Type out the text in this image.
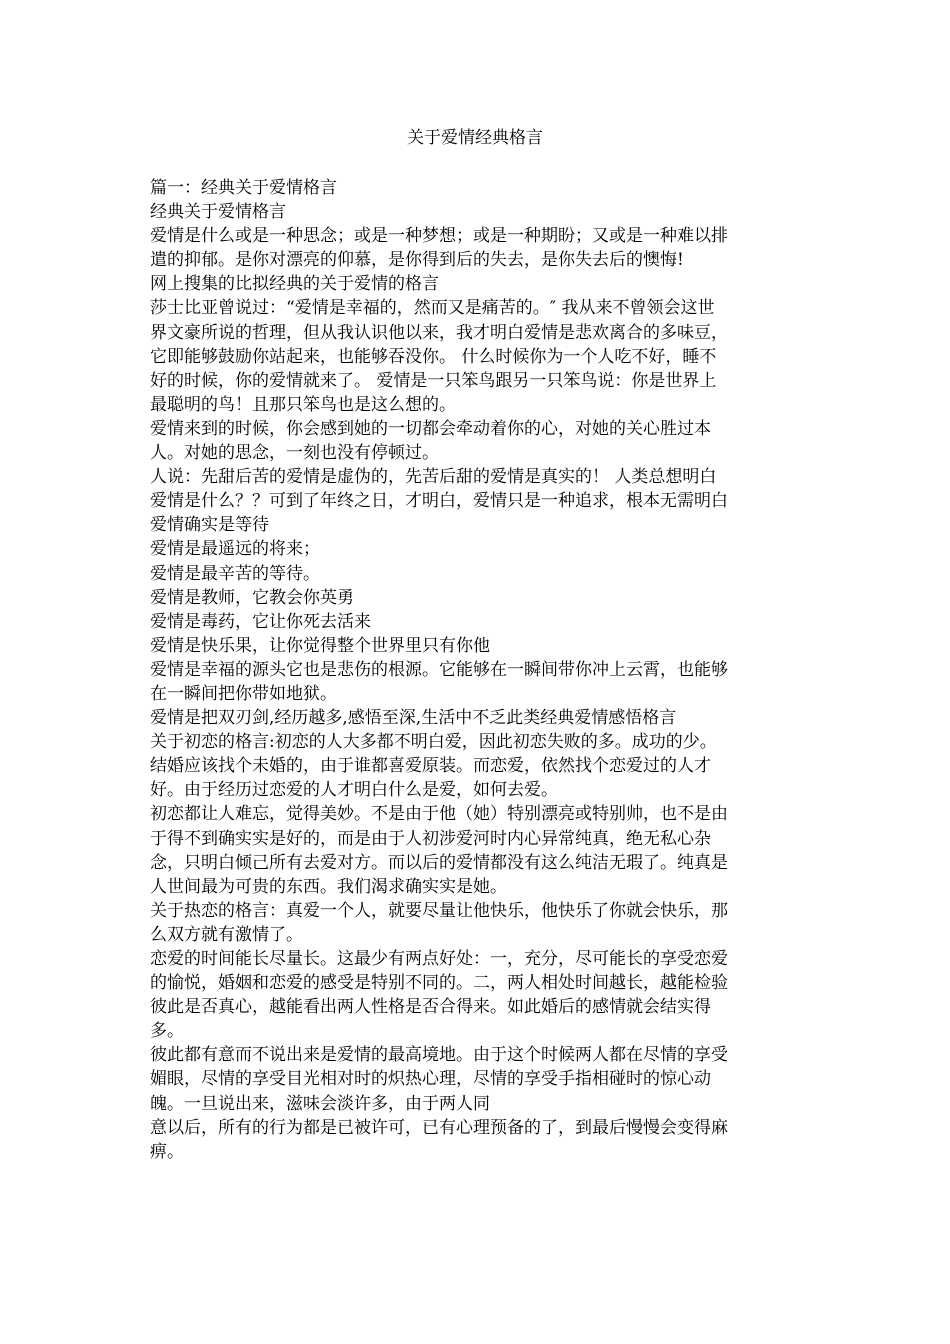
关于爱情经典格言
篇一：经典关于爱情格言
经典关于爱情格言
爱情是什么或是一种思念；或是一种梦想；或是一种期盼；又或是一种难以排
遣的抑郁。是你对漂亮的仰慕，是你得到后的失去，是你失去后的懊悔!
网上搜集的比拟经典的关于爱情的格言
莎士比亚曾说过：“爱情是幸福的，然而又是痛苦的。″ 我从来不曾领会这世
界文豪所说的哲理，但从我认识他以来，我才明白爱情是悲欢离合的多味豆，
它即能够鼓励你站起来，也能够吞没你。 什么时候你为一个人吃不好，睡不
好的时候，你的爱情就来了。 爱情是一只笨鸟跟另一只笨鸟说：你是世界上
最聪明的鸟！且那只笨鸟也是这么想的。
爱情来到的时候，你会感到她的一切都会牵动着你的心，对她的关心胜过本
人。对她的思念，一刻也没有停顿过。
人说：先甜后苦的爱情是虚伪的，先苦后甜的爱情是真实的！ 人类总想明白
爱情是什么？？可到了年终之日，才明白，爱情只是一种追求，根本无需明白
爱情确实是等待
爱情是最遥远的将来；
爱情是最辛苦的等待。
爱情是教师，它教会你英勇
爱情是毒药，它让你死去活来
爱情是快乐果，让你觉得整个世界里只有你他
爱情是幸福的源头它也是悲伤的根源。它能够在一瞬间带你冲上云霄，也能够
在一瞬间把你带如地狱。
爱情是把双刃剑,经历越多,感悟至深,生活中不乏此类经典爱情感悟格言
关于初恋的格言:初恋的人大多都不明白爱，因此初恋失败的多。成功的少。
结婚应该找个未婚的，由于谁都喜爱原装。而恋爱，依然找个恋爱过的人才
好。由于经历过恋爱的人才明白什么是爱，如何去爱。
初恋都让人难忘，觉得美妙。不是由于他（她）特别漂亮或特别帅，也不是由
于得不到确实实是好的，而是由于人初涉爱河时内心异常纯真，绝无私心杂
念，只明白倾己所有去爱对方。而以后的爱情都没有这么纯洁无瑕了。纯真是
人世间最为可贵的东西。我们渴求确实实是她。
关于热恋的格言：真爱一个人，就要尽量让他快乐，他快乐了你就会快乐，那
么双方就有激情了。
恋爱的时间能长尽量长。这最少有两点好处：一，充分，尽可能长的享受恋爱
的愉悦，婚姻和恋爱的感受是特别不同的。二，两人相处时间越长，越能检验
彼此是否真心，越能看出两人性格是否合得来。如此婚后的感情就会结实得
多。
彼此都有意而不说出来是爱情的最高境地。由于这个时候两人都在尽情的享受
媚眼，尽情的享受目光相对时的炽热心理，尽情的享受手指相碰时的惊心动
魄。一旦说出来，滋味会淡许多，由于两人同
意以后，所有的行为都是已被许可，已有心理预备的了，到最后慢慢会变得麻
痹。
